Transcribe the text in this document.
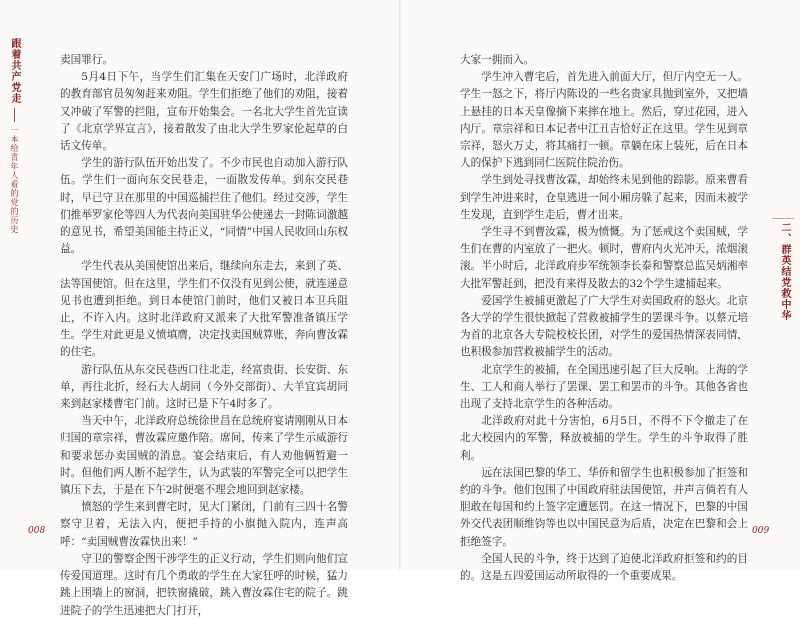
跟着共产党走
一本给青年人看的党的历史
二、群英结党救中华

卖国罪行。

5月4日下午，当学生们汇集在天安门广场时，北洋政府的教育部官员匆匆赶来劝阻。学生们拒绝了他们的劝阻，接着又冲破了军警的拦阻，宣布开始集会。一名北大学生首先宣读了《北京学界宣言》，接着散发了由北大学生罗家伦起草的白话文传单。

学生的游行队伍开始出发了。不少市民也自动加入游行队伍。学生们一面向东交民巷走，一面散发传单。到东交民巷时，早已守卫在那里的中国巡捕拦住了他们。经过交涉，学生们推举罗家伦等四人为代表向美国驻华公使递去一封陈词激越的意见书，希望美国能主持正义，“同情”中国人民收回山东权益。

学生代表从美国使馆出来后，继续向东走去，来到了英、法等国使馆。但在这里，学生们不仅没有见到公使，就连递意见书也遭到拒绝。到日本使馆门前时，他们又被日本卫兵阻止，不许入内。这时北洋政府又派来了大批军警准备镇压学生。学生对此更是义愤填膺，决定找卖国贼算账，奔向曹汝霖的住宅。

游行队伍从东交民巷西口往北走，经富贵街、长安街、东单，再往北折，经石大人胡同（今外交部街）、大羊宜宾胡同来到赵家楼曹宅门前。这时已是下午4时多了。

当天中午，北洋政府总统徐世昌在总统府宴请刚刚从日本归国的章宗祥，曹汝霖应邀作陪。席间，传来了学生示威游行和要求惩办卖国贼的消息。宴会结束后，有人劝他俩暂避一时。但他们两人断不起学生，认为武装的军警完全可以把学生镇压下去，于是在下午2时便毫不理会地回到赵家楼。

愤怒的学生来到曹宅时，见大门紧闭，门前有三四十名警察守卫着，无法入内，便把手持的小旗抛入院内，连声高呼：“卖国贼曹汝霖快出来！”

守卫的警察企图干涉学生的正义行动，学生们则向他们宣传爱国道理。这时有几个勇敢的学生在大家狂呼的时候，猛力跳上围墙上的窗洞，把铁窗撬破，跳入曹汝霖住宅的院子。跳进院子的学生迅速把大门打开，

大家一拥而入。

学生冲入曹宅后，首先进入前面大厅，但厅内空无一人。学生一怒之下，将厅内陈设的一些名贵家具抛到室外，又把墙上悬挂的日本天皇像摘下来摔在地上。然后，穿过花园，进入内厅。章宗祥和日本记者中江丑吉恰好正在这里。学生见到章宗祥，怒火万丈，将其痛打一顿。章躺在床上装死，后在日本人的保护下逃到同仁医院住院治伤。

学生到处寻找曹汝霖，却始终未见到他的踪影。原来曹看到学生冲进来时，仓皇逃进一间小厢房躲了起来，因而未被学生发现，直到学生走后，曹才出来。

学生寻不到曹汝霖，极为愤慨。为了惩戒这个卖国贼，学生们在曹的内室放了一把火。顿时，曹府内火光冲天，浓烟滚滚。半小时后，北洋政府步军统领李长泰和警察总监吴炳湘率大批军警赶到，把没有来得及散去的32个学生逮捕起来。

爱国学生被捕更激起了广大学生对卖国政府的怒火。北京各大学的学生很快掀起了营救被捕学生的罢课斗争。以蔡元培为首的北京各大专院校校长团，对学生的爱国热情深表同情，也积极参加营救被捕学生的活动。

北京学生的被捕，在全国迅速引起了巨大反响。上海的学生、工人和商人举行了罢课、罢工和罢市的斗争。其他各省也出现了支持北京学生的各种活动。

北洋政府对此十分害怕，6月5日，不得不下令撤走了在北大校园内的军警，释放被捕的学生。学生的斗争取得了胜利。

远在法国巴黎的华工、华侨和留学生也积极参加了拒签和约的斗争。他们包围了中国政府驻法国使馆，并声言倘若有人胆敢在每国和约上签字定遭惩罚。在这一情况下，巴黎的中国外交代表团顺维钧等也以中国民意为后盾，决定在巴黎和会上拒绝签字。

全国人民的斗争，终于达到了迫使北洋政府拒签和约的目的。这是五四爱国运动所取得的一个重要成果。

008	009
